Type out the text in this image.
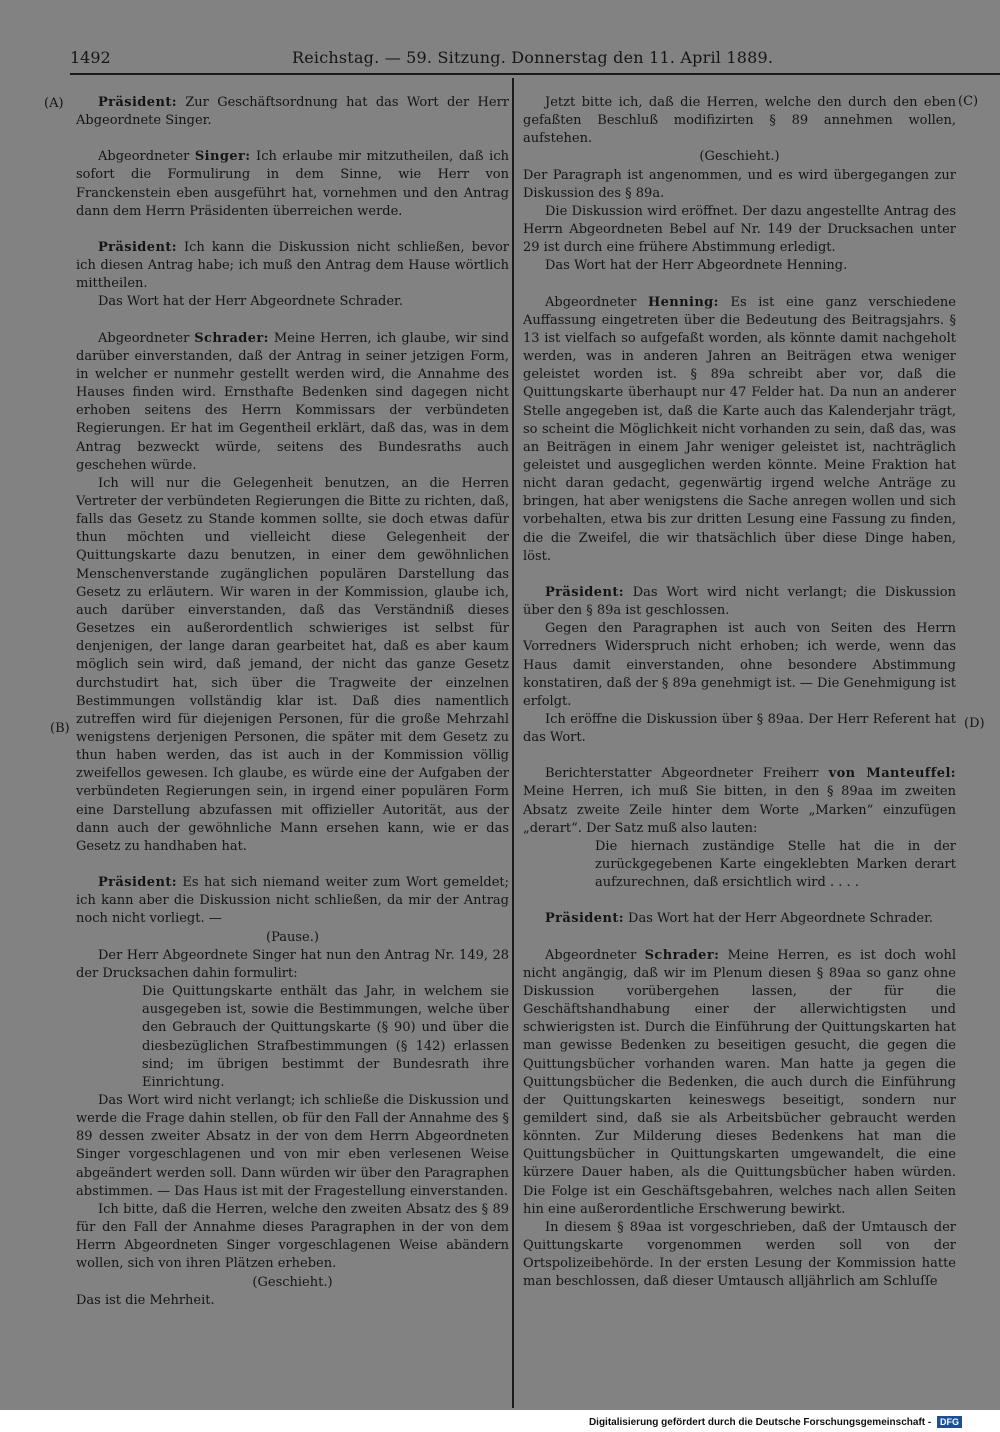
1492	Reichstag. — 59. Sitzung. Donnerstag den 11. April 1889.
(A)
(B)
(C)
(D)

Präsident: Zur Geschäftsordnung hat das Wort der Herr Abgeordnete Singer.

Abgeordneter Singer: Ich erlaube mir mitzutheilen, daß ich sofort die Formulirung in dem Sinne, wie Herr von Franckenstein eben ausgeführt hat, vornehmen und den Antrag dann dem Herrn Präsidenten überreichen werde.

Präsident: Ich kann die Diskussion nicht schließen, bevor ich diesen Antrag habe; ich muß den Antrag dem Hause wörtlich mittheilen.

Das Wort hat der Herr Abgeordnete Schrader.

Abgeordneter Schrader: Meine Herren, ich glaube, wir sind darüber einverstanden, daß der Antrag in seiner jetzigen Form, in welcher er nunmehr gestellt werden wird, die Annahme des Hauses finden wird. Ernsthafte Bedenken sind dagegen nicht erhoben seitens des Herrn Kommissars der verbündeten Regierungen. Er hat im Gegentheil erklärt, daß das, was in dem Antrag bezweckt würde, seitens des Bundesraths auch geschehen würde.

Ich will nur die Gelegenheit benutzen, an die Herren Vertreter der verbündeten Regierungen die Bitte zu richten, daß, falls das Gesetz zu Stande kommen sollte, sie doch etwas dafür thun möchten und vielleicht diese Gelegenheit der Quittungskarte dazu benutzen, in einer dem gewöhnlichen Menschenverstande zugänglichen populären Darstellung das Gesetz zu erläutern. Wir waren in der Kommission, glaube ich, auch darüber einverstanden, daß das Verständniß dieses Gesetzes ein außerordentlich schwieriges ist selbst für denjenigen, der lange daran gearbeitet hat, daß es aber kaum möglich sein wird, daß jemand, der nicht das ganze Gesetz durchstudirt hat, sich über die Tragweite der einzelnen Bestimmungen vollständig klar ist. Daß dies namentlich zutreffen wird für diejenigen Personen, für die große Mehrzahl wenigstens derjenigen Personen, die später mit dem Gesetz zu thun haben werden, das ist auch in der Kommission völlig zweifellos gewesen. Ich glaube, es würde eine der Aufgaben der verbündeten Regierungen sein, in irgend einer populären Form eine Darstellung abzufassen mit offizieller Autorität, aus der dann auch der gewöhnliche Mann ersehen kann, wie er das Gesetz zu handhaben hat.

Präsident: Es hat sich niemand weiter zum Wort gemeldet; ich kann aber die Diskussion nicht schließen, da mir der Antrag noch nicht vorliegt. —

(Pause.)

Der Herr Abgeordnete Singer hat nun den Antrag Nr. 149, 28 der Drucksachen dahin formulirt:

Die Quittungskarte enthält das Jahr, in welchem sie ausgegeben ist, sowie die Bestimmungen, welche über den Gebrauch der Quittungskarte (§ 90) und über die diesbezüglichen Strafbestimmungen (§ 142) erlassen sind; im übrigen bestimmt der Bundesrath ihre Einrichtung.

Das Wort wird nicht verlangt; ich schließe die Diskussion und werde die Frage dahin stellen, ob für den Fall der Annahme des § 89 dessen zweiter Absatz in der von dem Herrn Abgeordneten Singer vorgeschlagenen und von mir eben verlesenen Weise abgeändert werden soll. Dann würden wir über den Paragraphen abstimmen. — Das Haus ist mit der Fragestellung einverstanden.

Ich bitte, daß die Herren, welche den zweiten Absatz des § 89 für den Fall der Annahme dieses Paragraphen in der von dem Herrn Abgeordneten Singer vorgeschlagenen Weise abändern wollen, sich von ihren Plätzen erheben.

(Geschieht.)

Das ist die Mehrheit.

Jetzt bitte ich, daß die Herren, welche den durch den eben gefaßten Beschluß modifizirten § 89 annehmen wollen, aufstehen.

(Geschieht.)

Der Paragraph ist angenommen, und es wird übergegangen zur Diskussion des § 89a.

Die Diskussion wird eröffnet. Der dazu angestellte Antrag des Herrn Abgeordneten Bebel auf Nr. 149 der Drucksachen unter 29 ist durch eine frühere Abstimmung erledigt.

Das Wort hat der Herr Abgeordnete Henning.

Abgeordneter Henning: Es ist eine ganz verschiedene Auffassung eingetreten über die Bedeutung des Beitragsjahrs. § 13 ist vielfach so aufgefaßt worden, als könnte damit nachgeholt werden, was in anderen Jahren an Beiträgen etwa weniger geleistet worden ist. § 89a schreibt aber vor, daß die Quittungskarte überhaupt nur 47 Felder hat. Da nun an anderer Stelle angegeben ist, daß die Karte auch das Kalenderjahr trägt, so scheint die Möglichkeit nicht vorhanden zu sein, daß das, was an Beiträgen in einem Jahr weniger geleistet ist, nachträglich geleistet und ausgeglichen werden könnte. Meine Fraktion hat nicht daran gedacht, gegenwärtig irgend welche Anträge zu bringen, hat aber wenigstens die Sache anregen wollen und sich vorbehalten, etwa bis zur dritten Lesung eine Fassung zu finden, die die Zweifel, die wir thatsächlich über diese Dinge haben, löst.

Präsident: Das Wort wird nicht verlangt; die Diskussion über den § 89a ist geschlossen.

Gegen den Paragraphen ist auch von Seiten des Herrn Vorredners Widerspruch nicht erhoben; ich werde, wenn das Haus damit einverstanden, ohne besondere Abstimmung konstatiren, daß der § 89a genehmigt ist. — Die Genehmigung ist erfolgt.

Ich eröffne die Diskussion über § 89aa. Der Herr Referent hat das Wort.

Berichterstatter Abgeordneter Freiherr von Manteuffel: Meine Herren, ich muß Sie bitten, in den § 89aa im zweiten Absatz zweite Zeile hinter dem Worte „Marken“ einzufügen „derart“. Der Satz muß also lauten:

Die hiernach zuständige Stelle hat die in der zurückgegebenen Karte eingeklebten Marken derart aufzurechnen, daß ersichtlich wird . . . .

Präsident: Das Wort hat der Herr Abgeordnete Schrader.

Abgeordneter Schrader: Meine Herren, es ist doch wohl nicht angängig, daß wir im Plenum diesen § 89aa so ganz ohne Diskussion vorübergehen lassen, der für die Geschäftshandhabung einer der allerwichtigsten und schwierigsten ist. Durch die Einführung der Quittungskarten hat man gewisse Bedenken zu beseitigen gesucht, die gegen die Quittungsbücher vorhanden waren. Man hatte ja gegen die Quittungsbücher die Bedenken, die auch durch die Einführung der Quittungskarten keineswegs beseitigt, sondern nur gemildert sind, daß sie als Arbeitsbücher gebraucht werden könnten. Zur Milderung dieses Bedenkens hat man die Quittungsbücher in Quittungskarten umgewandelt, die eine kürzere Dauer haben, als die Quittungsbücher haben würden. Die Folge ist ein Geschäftsgebahren, welches nach allen Seiten hin eine außerordentliche Erschwerung bewirkt.

In diesem § 89aa ist vorgeschrieben, daß der Umtausch der Quittungskarte vorgenommen werden soll von der Ortspolizeibehörde. In der ersten Lesung der Kommission hatte man beschlossen, daß dieser Umtausch alljährlich am Schluſſe

Digitalisierung gefördert durch die Deutsche Forschungsgemeinschaft - DFG
